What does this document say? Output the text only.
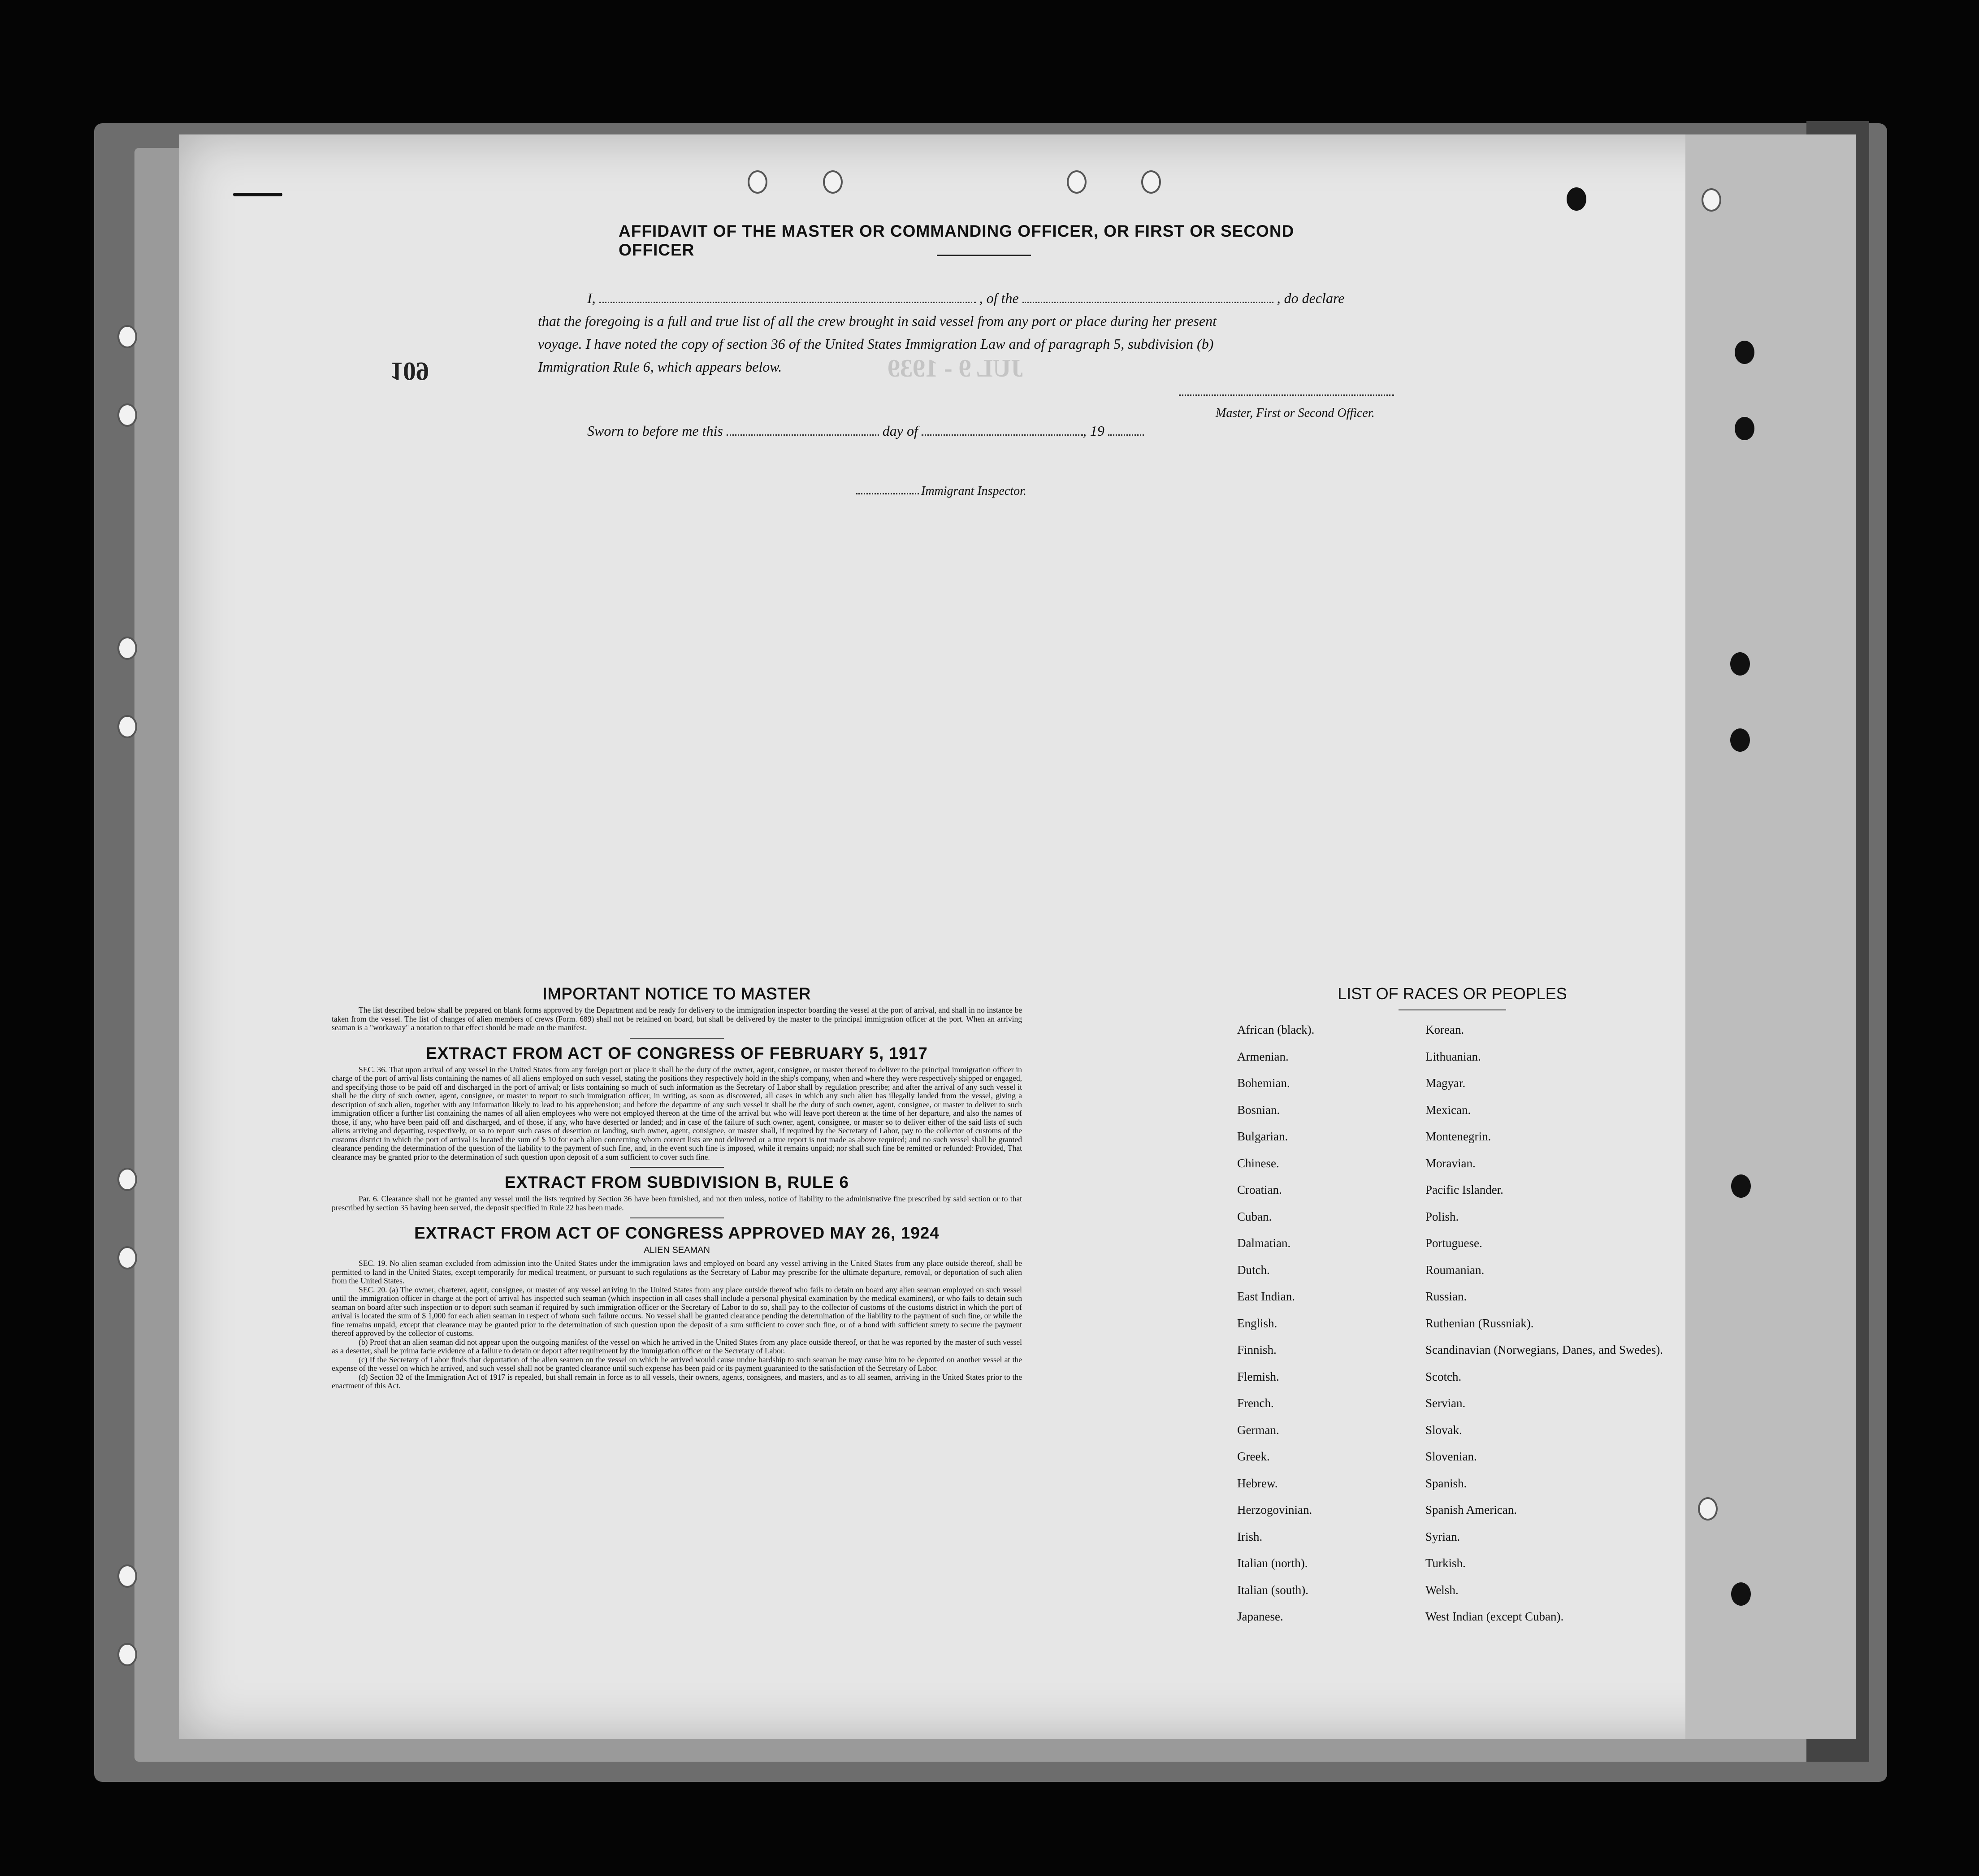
JUL 9 - 1939
AFFIDAVIT OF THE MASTER OR COMMANDING OFFICER, OR FIRST OR SECOND OFFICER
I,	, of the	, do declare
that the foregoing is a full and true list of all the crew brought in said vessel from any port or place during her present
voyage. I have noted the copy of section 36 of the United States Immigration Law and of paragraph 5, subdivision (b)
Immigration Rule 6, which appears below.
109
Master, First or Second Officer.
Sworn to before me this	day of	, 19
Immigrant Inspector.
IMPORTANT NOTICE TO MASTER

The list described below shall be prepared on blank forms approved by the Department and be ready for delivery to the immigration inspector boarding the vessel at the port of arrival, and shall in no instance be taken from the vessel. The list of changes of alien members of crews (Form. 689) shall not be retained on board, but shall be delivered by the master to the principal immigration officer at the port. When an arriving seaman is a "workaway" a notation to that effect should be made on the manifest.

EXTRACT FROM ACT OF CONGRESS OF FEBRUARY 5, 1917

SEC. 36. That upon arrival of any vessel in the United States from any foreign port or place it shall be the duty of the owner, agent, consignee, or master thereof to deliver to the principal immigration officer in charge of the port of arrival lists containing the names of all aliens employed on such vessel, stating the positions they respectively hold in the ship's company, when and where they were respectively shipped or engaged, and specifying those to be paid off and discharged in the port of arrival; or lists containing so much of such information as the Secretary of Labor shall by regulation prescribe; and after the arrival of any such vessel it shall be the duty of such owner, agent, consignee, or master to report to such immigration officer, in writing, as soon as discovered, all cases in which any such alien has illegally landed from the vessel, giving a description of such alien, together with any information likely to lead to his apprehension; and before the departure of any such vessel it shall be the duty of such owner, agent, consignee, or master to deliver to such immigration officer a further list containing the names of all alien employees who were not employed thereon at the time of the arrival but who will leave port thereon at the time of her departure, and also the names of those, if any, who have been paid off and discharged, and of those, if any, who have deserted or landed; and in case of the failure of such owner, agent, consignee, or master so to deliver either of the said lists of such aliens arriving and departing, respectively, or so to report such cases of desertion or landing, such owner, agent, consignee, or master shall, if required by the Secretary of Labor, pay to the collector of customs of the customs district in which the port of arrival is located the sum of $ 10 for each alien concerning whom correct lists are not delivered or a true report is not made as above required; and no such vessel shall be granted clearance pending the determination of the question of the liability to the payment of such fine, and, in the event such fine is imposed, while it remains unpaid; nor shall such fine be remitted or refunded: Provided, That clearance may be granted prior to the determination of such question upon deposit of a sum sufficient to cover such fine.

EXTRACT FROM SUBDIVISION B, RULE 6

Par. 6. Clearance shall not be granted any vessel until the lists required by Section 36 have been furnished, and not then unless, notice of liability to the administrative fine prescribed by said section or to that prescribed by section 35 having been served, the deposit specified in Rule 22 has been made.

EXTRACT FROM ACT OF CONGRESS APPROVED MAY 26, 1924
ALIEN SEAMAN

SEC. 19. No alien seaman excluded from admission into the United States under the immigration laws and employed on board any vessel arriving in the United States from any place outside thereof, shall be permitted to land in the United States, except temporarily for medical treatment, or pursuant to such regulations as the Secretary of Labor may prescribe for the ultimate departure, removal, or deportation of such alien from the United States.

SEC. 20. (a) The owner, charterer, agent, consignee, or master of any vessel arriving in the United States from any place outside thereof who fails to detain on board any alien seaman employed on such vessel until the immigration officer in charge at the port of arrival has inspected such seaman (which inspection in all cases shall include a personal physical examination by the medical examiners), or who fails to detain such seaman on board after such inspection or to deport such seaman if required by such immigration officer or the Secretary of Labor to do so, shall pay to the collector of customs of the customs district in which the port of arrival is located the sum of $ 1,000 for each alien seaman in respect of whom such failure occurs. No vessel shall be granted clearance pending the determination of the liability to the payment of such fine, or while the fine remains unpaid, except that clearance may be granted prior to the determination of such question upon the deposit of a sum sufficient to cover such fine, or of a bond with sufficient surety to secure the payment thereof approved by the collector of customs.

(b) Proof that an alien seaman did not appear upon the outgoing manifest of the vessel on which he arrived in the United States from any place outside thereof, or that he was reported by the master of such vessel as a deserter, shall be prima facie evidence of a failure to detain or deport after requirement by the immigration officer or the Secretary of Labor.

(c) If the Secretary of Labor finds that deportation of the alien seamen on the vessel on which he arrived would cause undue hardship to such seaman he may cause him to be deported on another vessel at the expense of the vessel on which he arrived, and such vessel shall not be granted clearance until such expense has been paid or its payment guaranteed to the satisfaction of the Secretary of Labor.

(d) Section 32 of the Immigration Act of 1917 is repealed, but shall remain in force as to all vessels, their owners, agents, consignees, and masters, and as to all seamen, arriving in the United States prior to the enactment of this Act.

LIST OF RACES OR PEOPLES
African (black).	Korean.
Armenian.	Lithuanian.
Bohemian.	Magyar.
Bosnian.	Mexican.
Bulgarian.	Montenegrin.
Chinese.	Moravian.
Croatian.	Pacific Islander.
Cuban.	Polish.
Dalmatian.	Portuguese.
Dutch.	Roumanian.
East Indian.	Russian.
English.	Ruthenian (Russniak).
Finnish.	Scandinavian (Norwegians, Danes, and Swedes).
Flemish.	Scotch.
French.	Servian.
German.	Slovak.
Greek.	Slovenian.
Hebrew.	Spanish.
Herzogovinian.	Spanish American.
Irish.	Syrian.
Italian (north).	Turkish.
Italian (south).	Welsh.
Japanese.	West Indian (except Cuban).
